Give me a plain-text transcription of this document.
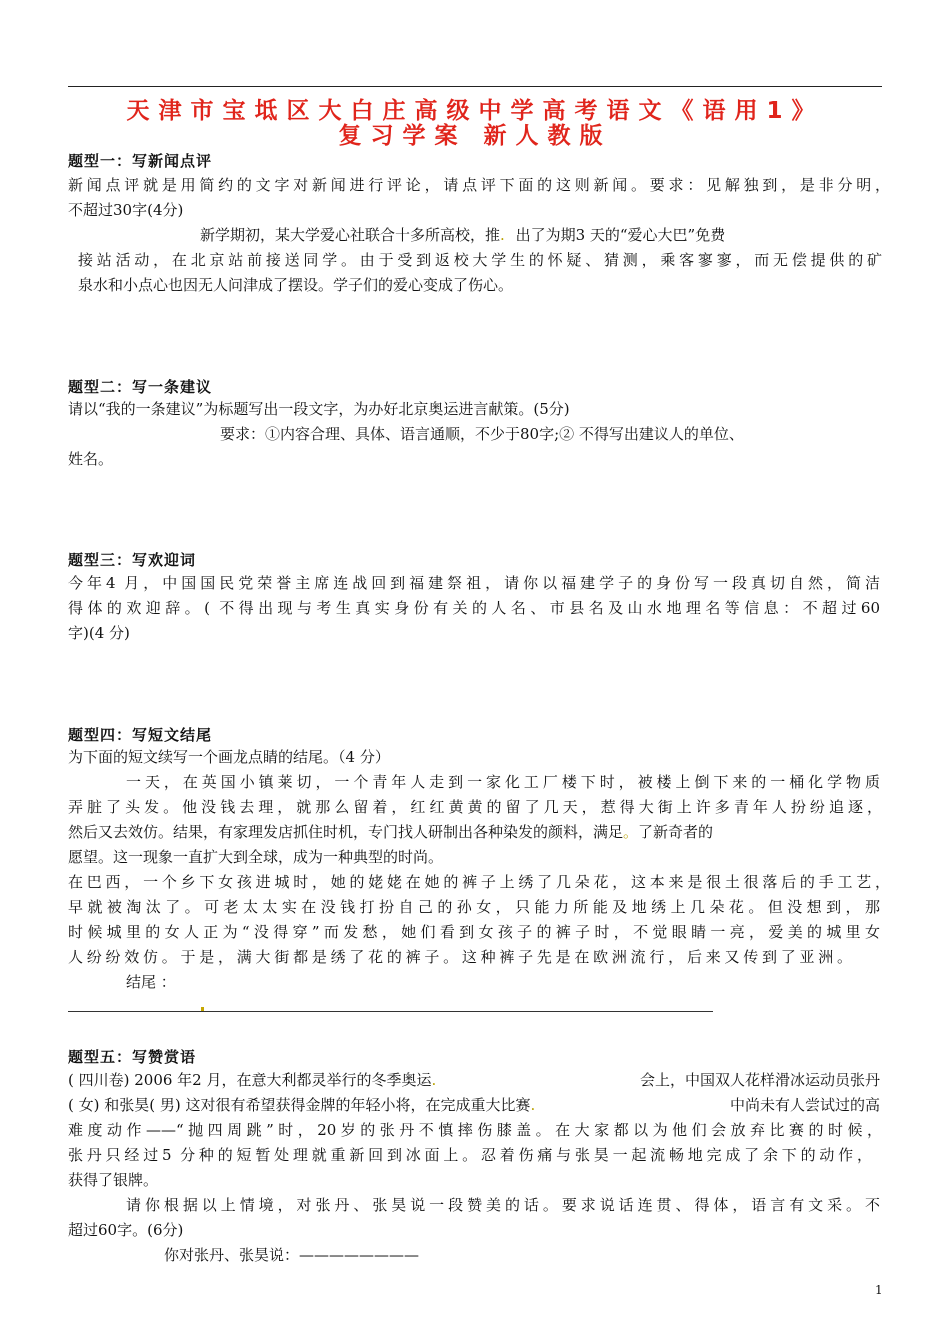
天津市宝坻区大白庄高级中学高考语文《语用1》
复习学案 新人教版
题型一：写新闻点评
新闻点评就是用简约的文字对新闻进行评论，请点评下面的这则新闻。要求：见解独到，是非分明，
不超过30字(4分)
新学期初，某大学爱心社联合十多所高校，推. 出了为期3 天的“爱心大巴”免费
接站活动，在北京站前接送同学。由于受到返校大学生的怀疑、猜测，乘客寥寥，而无偿提供的矿
泉水和小点心也因无人问津成了摆设。学子们的爱心变成了伤心。
题型二：写一条建议
请以“我的一条建议”为标题写出一段文字，为办好北京奥运进言献策。(5分)
要求：①内容合理、具体、语言通顺，不少于80字;② 不得写出建议人的单位、
姓名。
题型三：写欢迎词
今年4 月，中国国民党荣誉主席连战回到福建祭祖，请你以福建学子的身份写一段真切自然，简洁
得体的欢迎辞。( 不得出现与考生真实身份有关的人名、市县名及山水地理名等信息：不超过60
字)(4 分)
题型四：写短文结尾
为下面的短文续写一个画龙点睛的结尾。（4 分）
一天，在英国小镇莱切，一个青年人走到一家化工厂楼下时，被楼上倒下来的一桶化学物质
弄脏了头发。他没钱去理，就那么留着，红红黄黄的留了几天，惹得大街上许多青年人扮纷追逐，
然后又去效仿。结果，有家理发店抓住时机，专门找人研制出各种染发的颜料，满足。了新奇者的
愿望。这一现象一直扩大到全球，成为一种典型的时尚。
在巴西，一个乡下女孩进城时，她的姥姥在她的裤子上绣了几朵花，这本来是很土很落后的手工艺，
早就被淘汰了。可老太太实在没钱打扮自己的孙女，只能力所能及地绣上几朵花。但没想到，那
时候城里的女人正为“没得穿”而发愁，她们看到女孩子的裤子时，不觉眼睛一亮，爱美的城里女
人纷纷效仿。于是，满大街都是绣了花的裤子。这种裤子先是在欧洲流行，后来又传到了亚洲。
结尾 ：
题型五：写赞赏语
( 四川卷) 2006 年2 月，在意大利都灵举行的冬季奥运.	会上，中国双人花样滑冰运动员张丹
( 女) 和张昊( 男) 这对很有希望获得金牌的年轻小将，在完成重大比赛.	中尚未有人尝试过的高
难度动作——“抛四周跳”时，20岁的张丹不慎摔伤膝盖。在大家都以为他们会放弃比赛的时候，
张丹只经过5 分种的短暂处理就重新回到冰面上。忍着伤痛与张昊一起流畅地完成了余下的动作，
获得了银牌。
请你根据以上情境，对张丹、张昊说一段赞美的话。要求说话连贯、得体，语言有文采。不
超过60字。(6分)
你对张丹、张昊说：————————
1
